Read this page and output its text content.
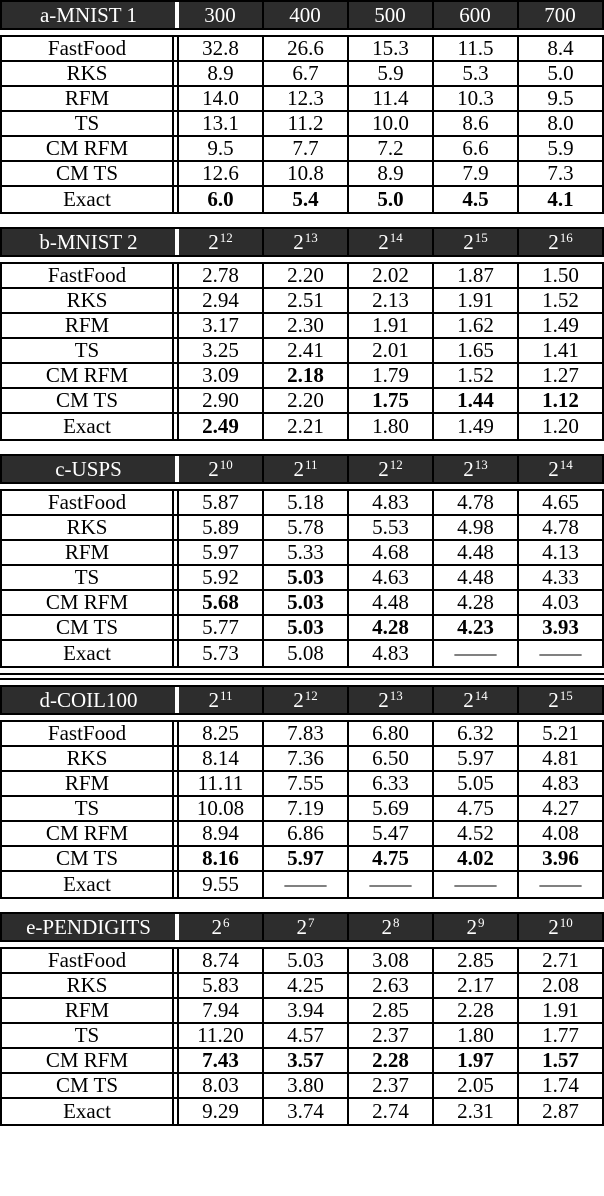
a-MNIST 1	300	400	500	600	700
FastFood	32.8	26.6	15.3	11.5	8.4
RKS	8.9	6.7	5.9	5.3	5.0
RFM	14.0	12.3	11.4	10.3	9.5
TS	13.1	11.2	10.0	8.6	8.0
CM RFM	9.5	7.7	7.2	6.6	5.9
CM TS	12.6	10.8	8.9	7.9	7.3
Exact	6.0	5.4	5.0	4.5	4.1
b-MNIST 2	$2^{12}$	$2^{13}$	$2^{14}$	$2^{15}$	$2^{16}$
FastFood	2.78	2.20	2.02	1.87	1.50
RKS	2.94	2.51	2.13	1.91	1.52
RFM	3.17	2.30	1.91	1.62	1.49
TS	3.25	2.41	2.01	1.65	1.41
CM RFM	3.09	2.18	1.79	1.52	1.27
CM TS	2.90	2.20	1.75	1.44	1.12
Exact	2.49	2.21	1.80	1.49	1.20
c-USPS	$2^{10}$	$2^{11}$	$2^{12}$	$2^{13}$	$2^{14}$
FastFood	5.87	5.18	4.83	4.78	4.65
RKS	5.89	5.78	5.53	4.98	4.78
RFM	5.97	5.33	4.68	4.48	4.13
TS	5.92	5.03	4.63	4.48	4.33
CM RFM	5.68	5.03	4.48	4.28	4.03
CM TS	5.77	5.03	4.28	4.23	3.93
Exact	5.73	5.08	4.83	——	——
d-COIL100	$2^{11}$	$2^{12}$	$2^{13}$	$2^{14}$	$2^{15}$
FastFood	8.25	7.83	6.80	6.32	5.21
RKS	8.14	7.36	6.50	5.97	4.81
RFM	11.11	7.55	6.33	5.05	4.83
TS	10.08	7.19	5.69	4.75	4.27
CM RFM	8.94	6.86	5.47	4.52	4.08
CM TS	8.16	5.97	4.75	4.02	3.96
Exact	9.55	——	——	——	——
e-PENDIGITS	$2^6$	$2^7$	$2^8$	$2^9$	$2^{10}$
FastFood	8.74	5.03	3.08	2.85	2.71
RKS	5.83	4.25	2.63	2.17	2.08
RFM	7.94	3.94	2.85	2.28	1.91
TS	11.20	4.57	2.37	1.80	1.77
CM RFM	7.43	3.57	2.28	1.97	1.57
CM TS	8.03	3.80	2.37	2.05	1.74
Exact	9.29	3.74	2.74	2.31	2.87
